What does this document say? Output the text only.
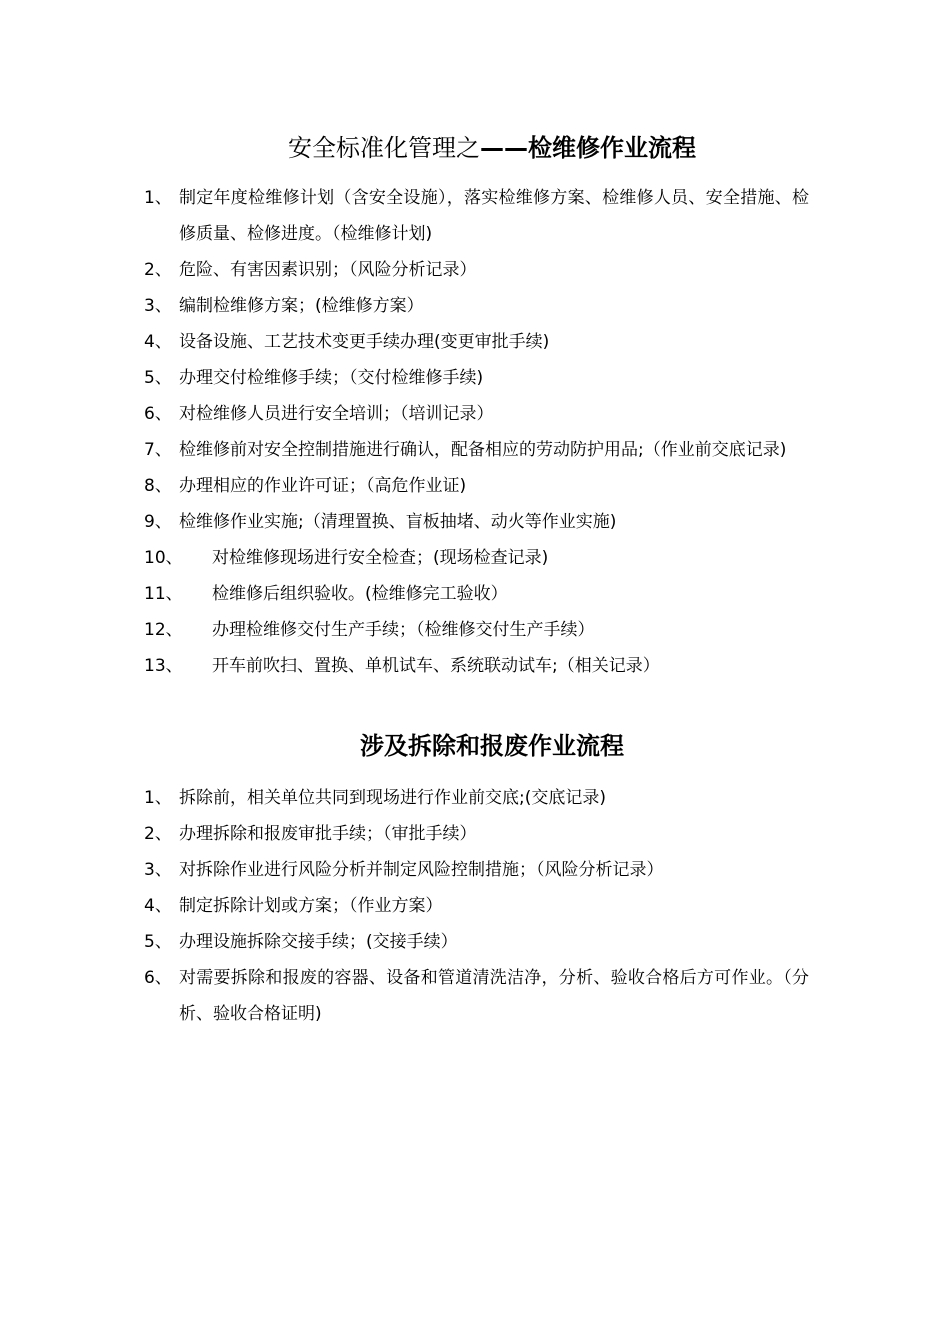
安全标准化管理之——检维修作业流程
1、 制定年度检维修计划（含安全设施），落实检维修方案、检维修人员、安全措施、检修质量、检修进度。（检维修计划)
2、 危险、有害因素识别；（风险分析记录）
3、 编制检维修方案；(检维修方案）
4、 设备设施、工艺技术变更手续办理(变更审批手续)
5、 办理交付检维修手续；（交付检维修手续)
6、 对检维修人员进行安全培训；（培训记录）
7、 检维修前对安全控制措施进行确认，配备相应的劳动防护用品;（作业前交底记录)
8、 办理相应的作业许可证；（高危作业证)
9、 检维修作业实施;（清理置换、盲板抽堵、动火等作业实施)
10、 对检维修现场进行安全检查；(现场检查记录)
11、 检维修后组织验收。(检维修完工验收）
12、 办理检维修交付生产手续；（检维修交付生产手续）
13、 开车前吹扫、置换、单机试车、系统联动试车;（相关记录）
涉及拆除和报废作业流程
1、 拆除前，相关单位共同到现场进行作业前交底;(交底记录)
2、 办理拆除和报废审批手续；（审批手续）
3、 对拆除作业进行风险分析并制定风险控制措施；（风险分析记录）
4、 制定拆除计划或方案；（作业方案）
5、 办理设施拆除交接手续；(交接手续）
6、 对需要拆除和报废的容器、设备和管道清洗洁净，分析、验收合格后方可作业。（分析、验收合格证明)
